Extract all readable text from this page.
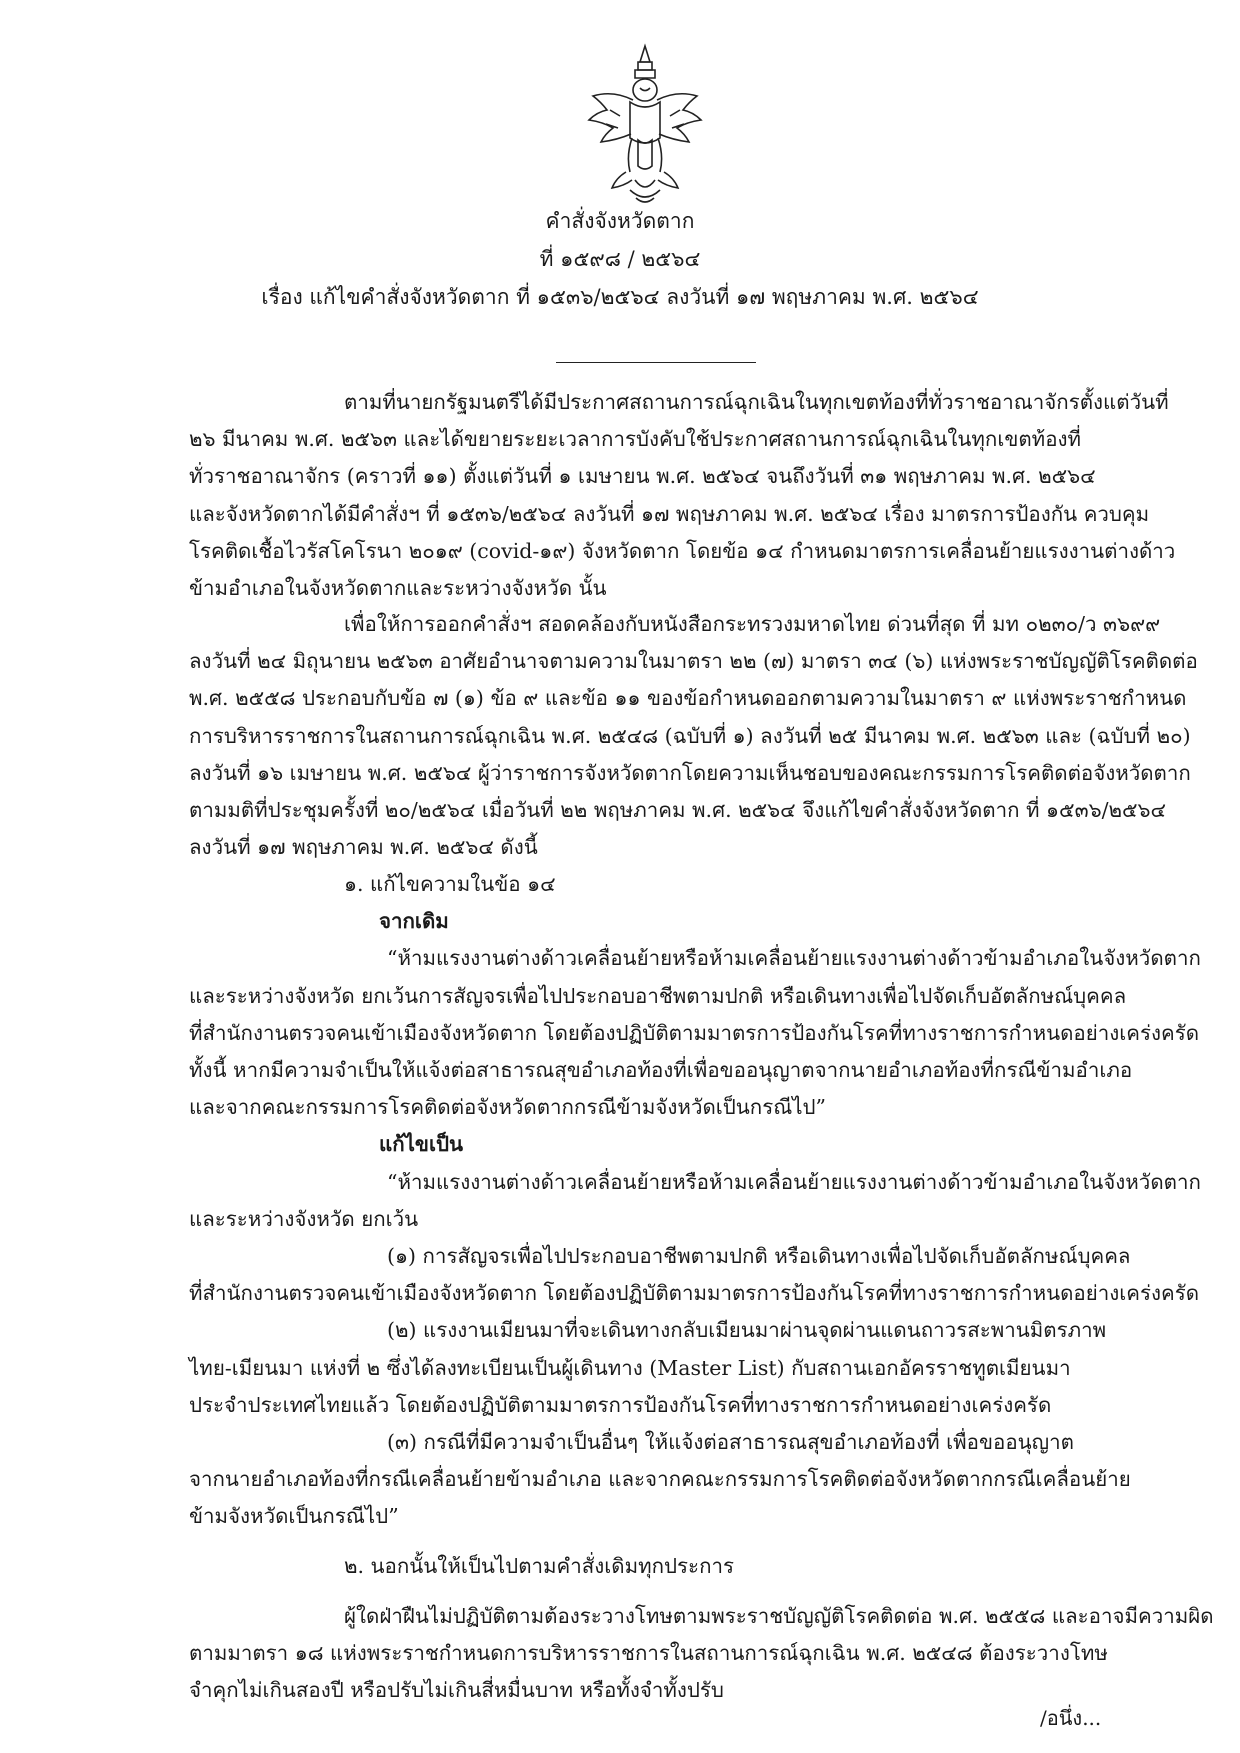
คำสั่งจังหวัดตาก
ที่ ๑๕๙๘ / ๒๕๖๔
เรื่อง แก้ไขคำสั่งจังหวัดตาก ที่ ๑๕๓๖/๒๕๖๔ ลงวันที่ ๑๗ พฤษภาคม พ.ศ. ๒๕๖๔
ตามที่นายกรัฐมนตรีได้มีประกาศสถานการณ์ฉุกเฉินในทุกเขตท้องที่ทั่วราชอาณาจักรตั้งแต่วันที่
๒๖ มีนาคม พ.ศ. ๒๕๖๓ และได้ขยายระยะเวลาการบังคับใช้ประกาศสถานการณ์ฉุกเฉินในทุกเขตท้องที่
ทั่วราชอาณาจักร (คราวที่ ๑๑) ตั้งแต่วันที่ ๑ เมษายน พ.ศ. ๒๕๖๔ จนถึงวันที่ ๓๑ พฤษภาคม พ.ศ. ๒๕๖๔
และจังหวัดตากได้มีคำสั่งฯ ที่ ๑๕๓๖/๒๕๖๔ ลงวันที่ ๑๗ พฤษภาคม พ.ศ. ๒๕๖๔ เรื่อง มาตรการป้องกัน ควบคุม
โรคติดเชื้อไวรัสโคโรนา ๒๐๑๙ (covid-๑๙) จังหวัดตาก โดยข้อ ๑๔ กำหนดมาตรการเคลื่อนย้ายแรงงานต่างด้าว
ข้ามอำเภอในจังหวัดตากและระหว่างจังหวัด นั้น
เพื่อให้การออกคำสั่งฯ สอดคล้องกับหนังสือกระทรวงมหาดไทย ด่วนที่สุด ที่ มท ๐๒๓๐/ว ๓๖๙๙
ลงวันที่ ๒๔ มิถุนายน ๒๕๖๓ อาศัยอำนาจตามความในมาตรา ๒๒ (๗) มาตรา ๓๔ (๖) แห่งพระราชบัญญัติโรคติดต่อ
พ.ศ. ๒๕๕๘ ประกอบกับข้อ ๗ (๑) ข้อ ๙ และข้อ ๑๑ ของข้อกำหนดออกตามความในมาตรา ๙ แห่งพระราชกำหนด
การบริหารราชการในสถานการณ์ฉุกเฉิน พ.ศ. ๒๕๔๘ (ฉบับที่ ๑) ลงวันที่ ๒๕ มีนาคม พ.ศ. ๒๕๖๓ และ (ฉบับที่ ๒๐)
ลงวันที่ ๑๖ เมษายน พ.ศ. ๒๕๖๔ ผู้ว่าราชการจังหวัดตากโดยความเห็นชอบของคณะกรรมการโรคติดต่อจังหวัดตาก
ตามมติที่ประชุมครั้งที่ ๒๐/๒๕๖๔ เมื่อวันที่ ๒๒ พฤษภาคม พ.ศ. ๒๕๖๔ จึงแก้ไขคำสั่งจังหวัดตาก ที่ ๑๕๓๖/๒๕๖๔
ลงวันที่ ๑๗ พฤษภาคม พ.ศ. ๒๕๖๔ ดังนี้
๑. แก้ไขความในข้อ ๑๔
จากเดิม
“ห้ามแรงงานต่างด้าวเคลื่อนย้ายหรือห้ามเคลื่อนย้ายแรงงานต่างด้าวข้ามอำเภอในจังหวัดตาก
และระหว่างจังหวัด ยกเว้นการสัญจรเพื่อไปประกอบอาชีพตามปกติ หรือเดินทางเพื่อไปจัดเก็บอัตลักษณ์บุคคล
ที่สำนักงานตรวจคนเข้าเมืองจังหวัดตาก โดยต้องปฏิบัติตามมาตรการป้องกันโรคที่ทางราชการกำหนดอย่างเคร่งครัด
ทั้งนี้ หากมีความจำเป็นให้แจ้งต่อสาธารณสุขอำเภอท้องที่เพื่อขออนุญาตจากนายอำเภอท้องที่กรณีข้ามอำเภอ
และจากคณะกรรมการโรคติดต่อจังหวัดตากกรณีข้ามจังหวัดเป็นกรณีไป”
แก้ไขเป็น
“ห้ามแรงงานต่างด้าวเคลื่อนย้ายหรือห้ามเคลื่อนย้ายแรงงานต่างด้าวข้ามอำเภอในจังหวัดตาก
และระหว่างจังหวัด ยกเว้น
(๑) การสัญจรเพื่อไปประกอบอาชีพตามปกติ หรือเดินทางเพื่อไปจัดเก็บอัตลักษณ์บุคคล
ที่สำนักงานตรวจคนเข้าเมืองจังหวัดตาก โดยต้องปฏิบัติตามมาตรการป้องกันโรคที่ทางราชการกำหนดอย่างเคร่งครัด
(๒) แรงงานเมียนมาที่จะเดินทางกลับเมียนมาผ่านจุดผ่านแดนถาวรสะพานมิตรภาพ
ไทย-เมียนมา แห่งที่ ๒ ซึ่งได้ลงทะเบียนเป็นผู้เดินทาง (Master List) กับสถานเอกอัครราชทูตเมียนมา
ประจำประเทศไทยแล้ว โดยต้องปฏิบัติตามมาตรการป้องกันโรคที่ทางราชการกำหนดอย่างเคร่งครัด
(๓) กรณีที่มีความจำเป็นอื่นๆ ให้แจ้งต่อสาธารณสุขอำเภอท้องที่ เพื่อขออนุญาต
จากนายอำเภอท้องที่กรณีเคลื่อนย้ายข้ามอำเภอ และจากคณะกรรมการโรคติดต่อจังหวัดตากกรณีเคลื่อนย้าย
ข้ามจังหวัดเป็นกรณีไป”
๒. นอกนั้นให้เป็นไปตามคำสั่งเดิมทุกประการ
ผู้ใดฝ่าฝืนไม่ปฏิบัติตามต้องระวางโทษตามพระราชบัญญัติโรคติดต่อ พ.ศ. ๒๕๕๘ และอาจมีความผิด
ตามมาตรา ๑๘ แห่งพระราชกำหนดการบริหารราชการในสถานการณ์ฉุกเฉิน พ.ศ. ๒๕๔๘ ต้องระวางโทษ
จำคุกไม่เกินสองปี หรือปรับไม่เกินสี่หมื่นบาท หรือทั้งจำทั้งปรับ
/อนึ่ง...
